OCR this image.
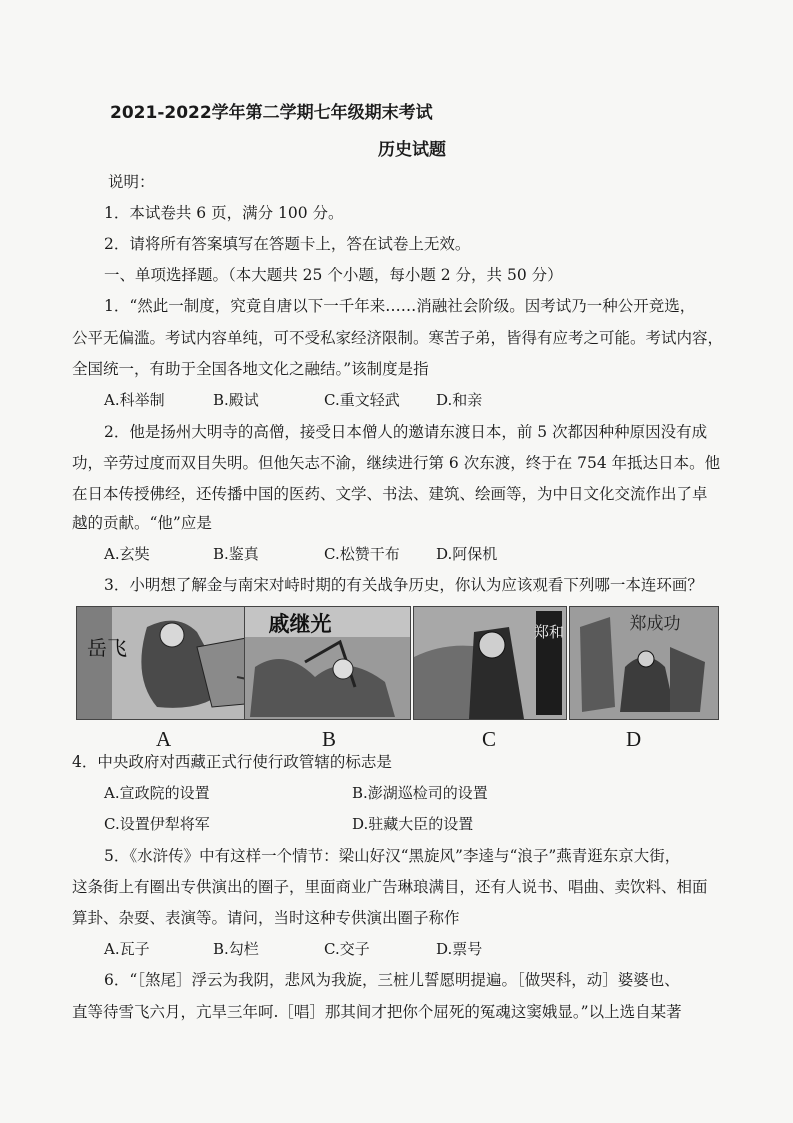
2021-2022学年第二学期七年级期末考试
历史试题
说明：
1．本试卷共 6 页，满分 100 分。
2．请将所有答案填写在答题卡上，答在试卷上无效。
一、单项选择题。（本大题共 25 个小题，每小题 2 分，共 50 分）
1．“然此一制度，究竟自唐以下一千年来……消融社会阶级。因考试乃一种公开竞选，
公平无偏滥。考试内容单纯，可不受私家经济限制。寒苦子弟，皆得有应考之可能。考试内容，
全国统一，有助于全国各地文化之融结。”该制度是指
A.科举制	B.殿试	C.重文轻武 D.和亲
2．他是扬州大明寺的高僧，接受日本僧人的邀请东渡日本，前 5 次都因种种原因没有成
功，辛劳过度而双目失明。但他矢志不渝，继续进行第 6 次东渡，终于在 754 年抵达日本。他
在日本传授佛经，还传播中国的医药、文学、书法、建筑、绘画等，为中日文化交流作出了卓
越的贡献。“他”应是
A.玄奘	B.鉴真	C.松赞干布 D.阿保机
3．小明想了解金与南宋对峙时期的有关战争历史，你认为应该观看下列哪一本连环画？
岳飞
戚继光	郑和	郑成功
A	B	C	D
4．中央政府对西藏正式行使行政管辖的标志是
A.宣政院的设置	B.澎湖巡检司的设置
C.设置伊犁将军	D.驻藏大臣的设置
5．《水浒传》中有这样一个情节：梁山好汉“黑旋风”李逵与“浪子”燕青逛东京大街，
这条街上有圈出专供演出的圈子，里面商业广告琳琅满目，还有人说书、唱曲、卖饮料、相面
算卦、杂耍、表演等。请问，当时这种专供演出圈子称作
A.瓦子	B.勾栏	C.交子	D.票号
6．“［煞尾］浮云为我阴，悲风为我旋，三桩儿誓愿明提遍。［做哭科，动］婆婆也、
直等待雪飞六月，亢旱三年呵.［唱］那其间才把你个屈死的冤魂这窦娥显。”以上选自某著
